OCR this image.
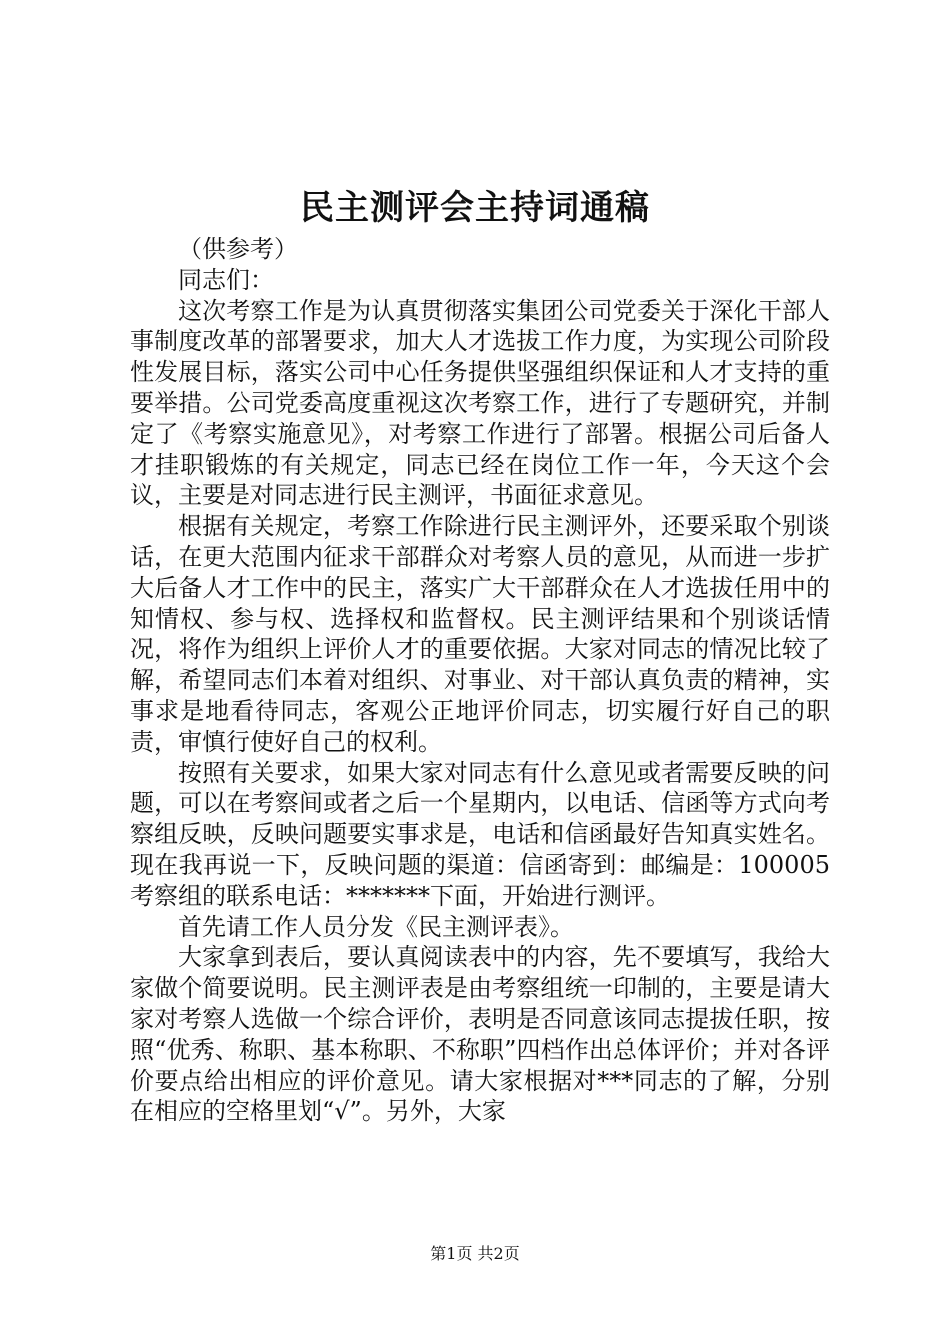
民主测评会主持词通稿

（供参考）

同志们：

这次考察工作是为认真贯彻落实集团公司党委关于深化干部人事制度改革的部署要求，加大人才选拔工作力度，为实现公司阶段性发展目标，落实公司中心任务提供坚强组织保证和人才支持的重要举措。公司党委高度重视这次考察工作，进行了专题研究，并制定了《考察实施意见》，对考察工作进行了部署。根据公司后备人才挂职锻炼的有关规定，同志已经在岗位工作一年，今天这个会议，主要是对同志进行民主测评，书面征求意见。

根据有关规定，考察工作除进行民主测评外，还要采取个别谈话，在更大范围内征求干部群众对考察人员的意见，从而进一步扩大后备人才工作中的民主，落实广大干部群众在人才选拔任用中的知情权、参与权、选择权和监督权。民主测评结果和个别谈话情况，将作为组织上评价人才的重要依据。大家对同志的情况比较了解，希望同志们本着对组织、对事业、对干部认真负责的精神，实事求是地看待同志，客观公正地评价同志，切实履行好自己的职责，审慎行使好自己的权利。

按照有关要求，如果大家对同志有什么意见或者需要反映的问题，可以在考察间或者之后一个星期内，以电话、信函等方式向考察组反映，反映问题要实事求是，电话和信函最好告知真实姓名。现在我再说一下，反映问题的渠道：信函寄到：邮编是：100005 考察组的联系电话：*******下面，开始进行测评。

首先请工作人员分发《民主测评表》。

大家拿到表后，要认真阅读表中的内容，先不要填写，我给大家做个简要说明。民主测评表是由考察组统一印制的，主要是请大家对考察人选做一个综合评价，表明是否同意该同志提拔任职，按照“优秀、称职、基本称职、不称职”四档作出总体评价；并对各评价要点给出相应的评价意见。请大家根据对***同志的了解，分别在相应的空格里划“√”。另外，大家

第1页 共2页
